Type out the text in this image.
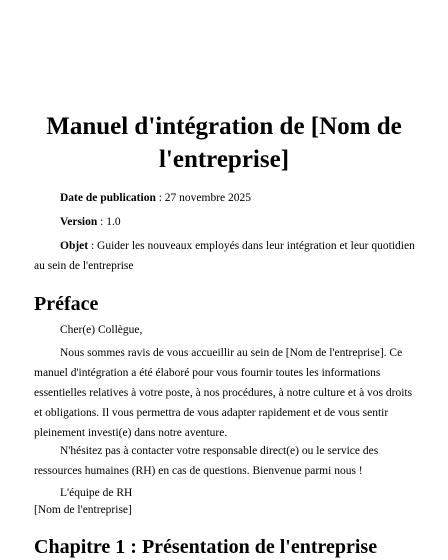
Manuel d'intégration de [Nom de l'entreprise]

Date de publication : 27 novembre 2025

Version : 1.0

Objet : Guider les nouveaux employés dans leur intégration et leur quotidien au sein de l'entreprise

Préface

Cher(e) Collègue,

Nous sommes ravis de vous accueillir au sein de [Nom de l'entreprise]. Ce manuel d'intégration a été élaboré pour vous fournir toutes les informations essentielles relatives à votre poste, à nos procédures, à notre culture et à vos droits et obligations. Il vous permettra de vous adapter rapidement et de vous sentir pleinement investi(e) dans notre aventure.

N'hésitez pas à contacter votre responsable direct(e) ou le service des ressources humaines (RH) en cas de questions. Bienvenue parmi nous !

L'équipe de RH
[Nom de l'entreprise]

Chapitre 1 : Présentation de l'entreprise
